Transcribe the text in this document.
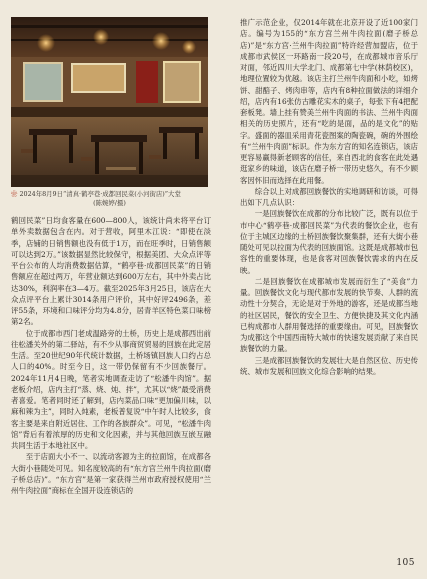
❀ 2024年8月9日“清真·鹤亭巷·成都回民菜(小河街店)”大堂
(陈婉婷/摄)

鹤回民菜”日均食客量在600—800人，该统计尚未将平台订单外卖数据包含在内。对于营收，阿里木江说：“即使在淡季，店铺的日销售额也没有低于1万，而在旺季时，日销售额可以达到2万。”该数据显然比较保守，根据美团、大众点评等平台公布的人均消费数据估算，“鹤亭巷·成都回民菜”的日销售额应在超过两万，年营业额达到600万左右，其中外卖占比达30%，利润率在3—4万。截至2025年3月25日，该店在大众点评平台上累计3014条用户评价，其中好评2496条，差评55条，环境和口味评分均为4.8分，居青羊区特色菜口味榜第2名。

位于成都市西门老成温路旁的土桥，历史上是成都西出前往松潘关外的第二驿站，有不少从事商贸贸易的回族在此定居生活。至20世纪90年代统计数据，土桥场镇回族人口约占总人口的40%。时至今日，这一带仍保留有不少回族餐厅。2024年11月4日晚，笔者实地调查走访了“松潘牛肉馆”。据老板介绍，店内主打“蒸、烧、炖、拌”，尤其以“烧”最受消费者喜爱。笔者同时还了解到，店内菜品口味“更加偏川味，以麻和辣为主”，同时入炖素，老板普复说“中午时人比较多，食客主要是来自附近居住、工作的各族群众”。可见，“松潘牛肉馆”背后有着浓厚的历史和文化因素，并与其他回族互嵌互融共同生活于本地社区中。

至于店面大小不一、以流动客源为主的拉面馆，在成都各大街小巷随处可见。知名度较高的有“东方宫兰州牛肉拉面(磨子桥总店)”。“东方宫”是第一家获得兰州市政府授权使用“兰州牛肉拉面”商标在全国开设连锁店的

推广示范企业，仅2014年就在北京开设了近100家门店。编号为155的“东方宫兰州牛肉拉面(磨子桥总店)”是“东方宫·兰州牛肉拉面”特许经营加盟店，位于成都市武侯区一环路南一段20号，在成都城市音乐厅对面，邻近四川大学北门、成都第七中学(林荫校区)，地理位置较为优越。该店主打兰州牛肉面和小吃，如烤饼、甜醅子、烤肉串等，店内有8种拉面做法的详细介绍，店内有16张仿古雕花实木的桌子，每张下有4把配套板凳。墙上挂有赞美兰州牛肉面的书法、兰州牛肉面相关的历史照片，还有“吃的是面，品的是文化”的贴字。盛面的器皿采用青花瓷图案的陶瓷碗，碗的外围绘有“兰州牛肉面”标识。作为东方宫的知名连锁店，该店更容易赢得新老顾客的信任，来自西北的食客在此处遇逛家乡的味道，该店在磨子桥一带历史悠久，有不少顾客因怀旧而选择在此用餐。

综合以上对成都回族餐饮的实地调研和访谈，可得出如下几点认识：

一是回族餐饮在成都的分布比较广泛，既有以位于市中心“鹤亭巷·成都回民菜”为代表的餐饮企业，也有位于主城区边缘的土桥回族餐饮聚集群，还有大街小巷随处可见以拉面为代表的回族面馆。这既是成都城市包容性的重要体现，也是食客对回族餐饮需求的内在反映。

二是回族餐饮在成都城市发展而衍生了“美食”力量。回族餐饮文化与现代都市发展的快节奏、人群的流动性十分契合，无论是对于外地的游客，还是成都当地的社区居民，餐饮的安全卫生、方便快捷及其文化内涵已构成都市人群用餐选择的重要缘由。可见，回族餐饮为成都这个中国西南特大城市的快速发展贡献了来自民族餐饮的力量。

三是成都回族餐饮的发展壮大是自然区位、历史传统、城市发展和回族文化综合影响的结果。

105
